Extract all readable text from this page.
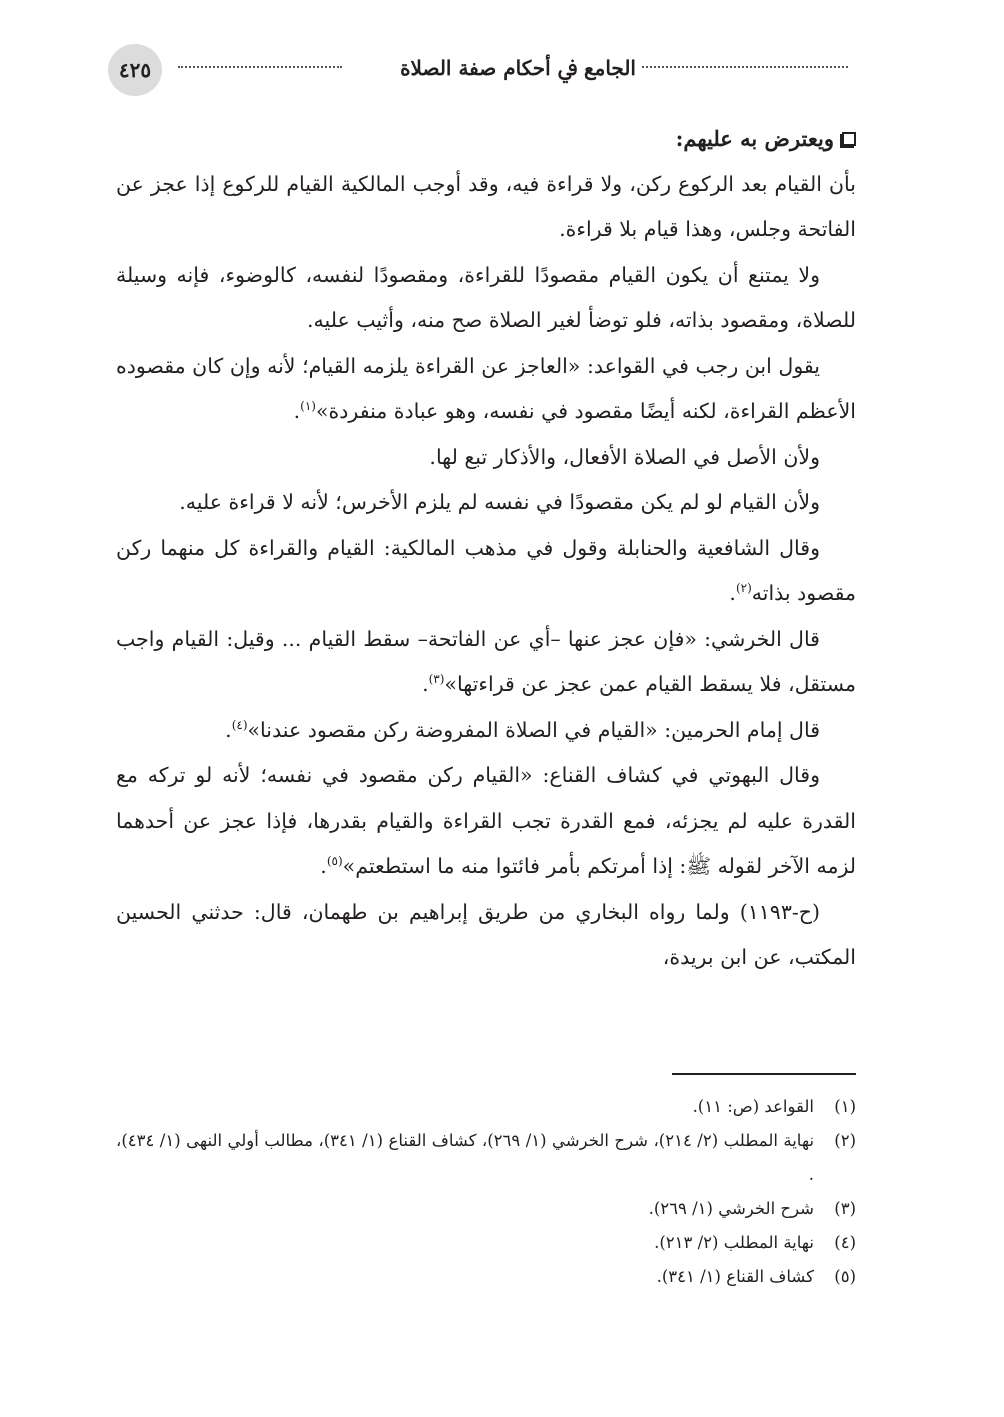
٤٢٥	الجامع ﰲ أحكام صفة الصلاة
ويعترض به عليهم:

بأن القيام بعد الركوع ركن، ولا قراءة فيه، وقد أوجب المالكية القيام للركوع إذا عجز عن الفاتحة وجلس، وهذا قيام بلا قراءة.

ولا يمتنع أن يكون القيام مقصودًا للقراءة، ومقصودًا لنفسه، كالوضوء، فإنه وسيلة للصلاة، ومقصود بذاته، فلو توضأ لغير الصلاة صح منه، وأثيب عليه.

يقول ابن رجب في القواعد: «العاجز عن القراءة يلزمه القيام؛ لأنه وإن كان مقصوده الأعظم القراءة، لكنه أيضًا مقصود في نفسه، وهو عبادة منفردة»$^{(١)}$.

ولأن الأصل في الصلاة الأفعال، والأذكار تبع لها.

ولأن القيام لو لم يكن مقصودًا في نفسه لم يلزم الأخرس؛ لأنه لا قراءة عليه.

وقال الشافعية والحنابلة وقول في مذهب المالكية: القيام والقراءة كل منهما ركن مقصود بذاته$^{(٢)}$.

قال الخرشي: «فإن عجز عنها –أي عن الفاتحة– سقط القيام ... وقيل: القيام واجب مستقل، فلا يسقط القيام عمن عجز عن قراءتها»$^{(٣)}$.

قال إمام الحرمين: «القيام في الصلاة المفروضة ركن مقصود عندنا»$^{(٤)}$.

وقال البهوتي في كشاف القناع: «القيام ركن مقصود في نفسه؛ لأنه لو تركه مع القدرة عليه لم يجزئه، فمع القدرة تجب القراءة والقيام بقدرها، فإذا عجز عن أحدهما لزمه الآخر لقوله ﷺ: إذا أمرتكم بأمر فائتوا منه ما استطعتم»$^{(٥)}$.

(ح-١١٩٣) ولما رواه البخاري من طريق إبراهيم بن طهمان، قال: حدثني الحسين المكتب، عن ابن بريدة،

(١)
القواعد (ص: ١١).
(٢)
نهاية المطلب (٢/ ٢١٤)، شرح الخرشي (١/ ٢٦٩)، كشاف القناع (١/ ٣٤١)، مطالب أولي النهى (١/ ٤٣٤)، .
(٣)
شرح الخرشي (١/ ٢٦٩).
(٤)
نهاية المطلب (٢/ ٢١٣).
(٥)
كشاف القناع (١/ ٣٤١).
